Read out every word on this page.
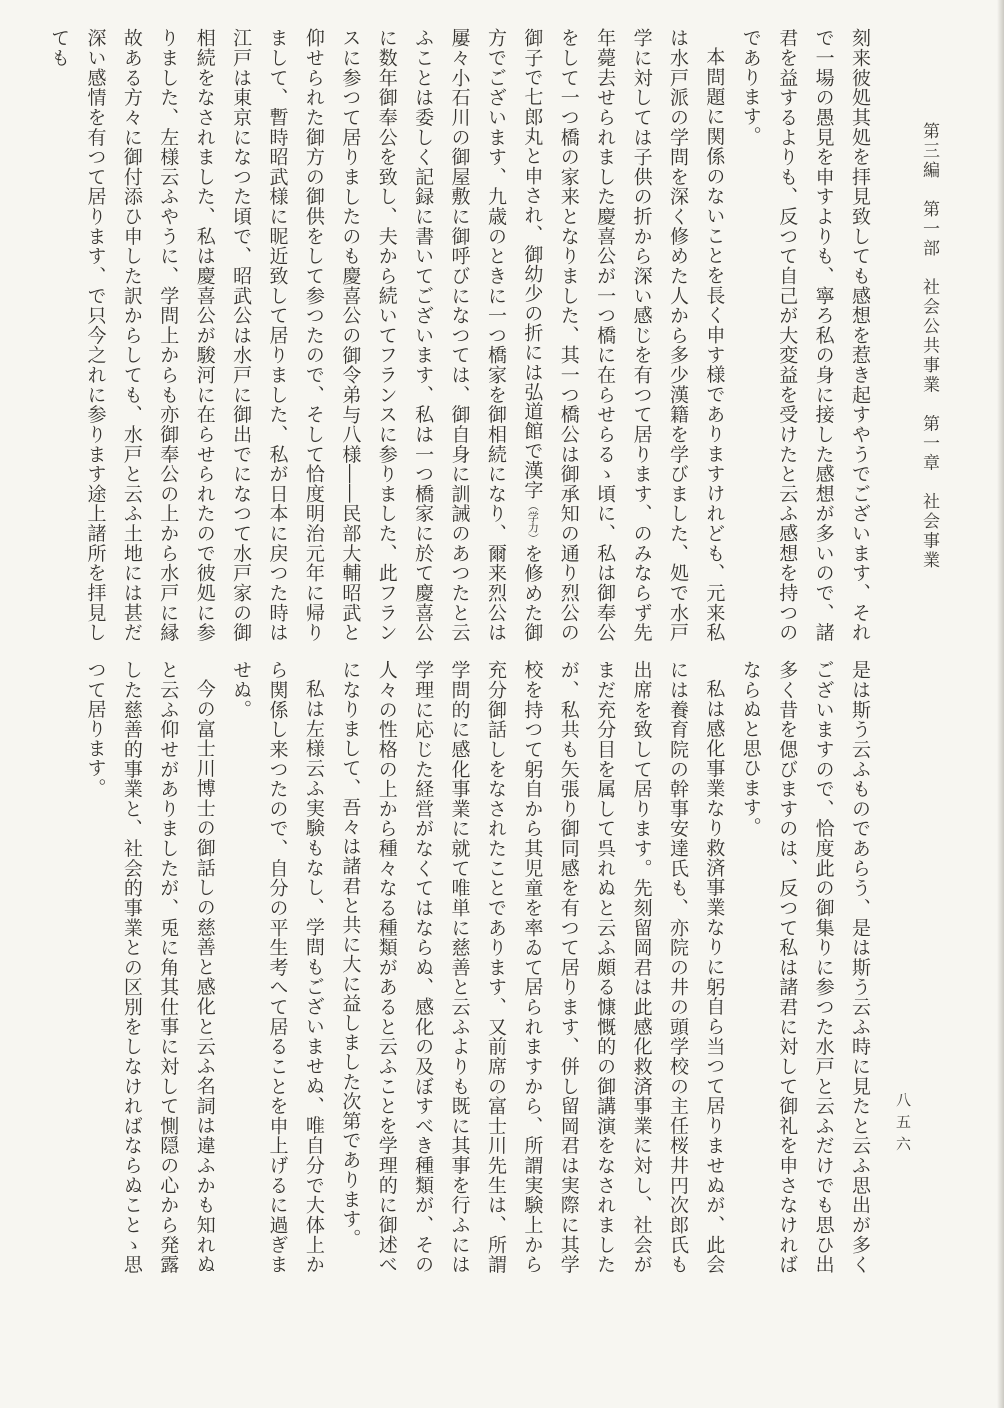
第三編　第一部　社会公共事業　第一章　社会事業

刻来彼処其処を拝見致しても感想を惹き起すやうでございます、それで一場の愚見を申すよりも、寧ろ私の身に接した感想が多いので、諸君を益するよりも、反つて自己が大変益を受けたと云ふ感想を持つのであります。

本問題に関係のないことを長く申す様でありますけれども、元来私は水戸派の学問を深く修めた人から多少漢籍を学びました、処で水戸学に対しては子供の折から深い感じを有つて居ります、のみならず先年薨去せられました慶喜公が一つ橋に在らせらるゝ頃に、私は御奉公をして一つ橋の家来となりました、其一つ橋公は御承知の通り烈公の御子で七郎丸と申され、御幼少の折には弘道館で漢字（学力）を修めた御方でございます、九歳のときに一つ橋家を御相続になり、爾来烈公は屢々小石川の御屋敷に御呼びになつては、御自身に訓誡のあつたと云ふことは委しく記録に書いてございます、私は一つ橋家に於て慶喜公に数年御奉公を致し、夫から続いてフランスに参りました、此フランスに参つて居りましたのも慶喜公の御令弟与八様――民部大輔昭武と仰せられた御方の御供をして参つたので、そして恰度明治元年に帰りまして、暫時昭武様に昵近致して居りました、私が日本に戻つた時は江戸は東京になつた頃で、昭武公は水戸に御出でになつて水戸家の御相続をなされました、私は慶喜公が駿河に在らせられたので彼処に参りました、左様云ふやうに、学問上からも亦御奉公の上から水戸に縁故ある方々に御付添ひ申した訳からしても、水戸と云ふ土地には甚だ深い感情を有つて居ります、で只今之れに参ります途上諸所を拝見しても

是は斯う云ふものであらう、是は斯う云ふ時に見たと云ふ思出が多くございますので、恰度此の御集りに参つた水戸と云ふだけでも思ひ出多く昔を偲びますのは、反つて私は諸君に対して御礼を申さなければならぬと思ひます。

私は感化事業なり救済事業なりに躬自ら当つて居りませぬが、此会には養育院の幹事安達氏も、亦院の井の頭学校の主任桜井円次郎氏も出席を致して居ります。先刻留岡君は此感化救済事業に対し、社会がまだ充分目を属して呉れぬと云ふ頗る慷慨的の御講演をなされましたが、私共も矢張り御同感を有つて居ります、併し留岡君は実際に其学校を持つて躬自から其児童を率ゐて居られますから、所謂実験上から充分御話しをなされたことであります、又前席の富士川先生は、所謂学問的に感化事業に就て唯単に慈善と云ふよりも既に其事を行ふには学理に応じた経営がなくてはならぬ、感化の及ぼすべき種類が、その人々の性格の上から種々なる種類があると云ふことを学理的に御述べになりまして、吾々は諸君と共に大に益しました次第であります。

私は左様云ふ実験もなし、学問もございませぬ、唯自分で大体上から関係し来つたので、自分の平生考へて居ることを申上げるに過ぎませぬ。

今の富士川博士の御話しの慈善と感化と云ふ名詞は違ふかも知れぬと云ふ仰せがありましたが、兎に角其仕事に対して惻隠の心から発露した慈善的事業と、社会的事業との区別をしなければならぬことゝ思つて居ります。

八五六
